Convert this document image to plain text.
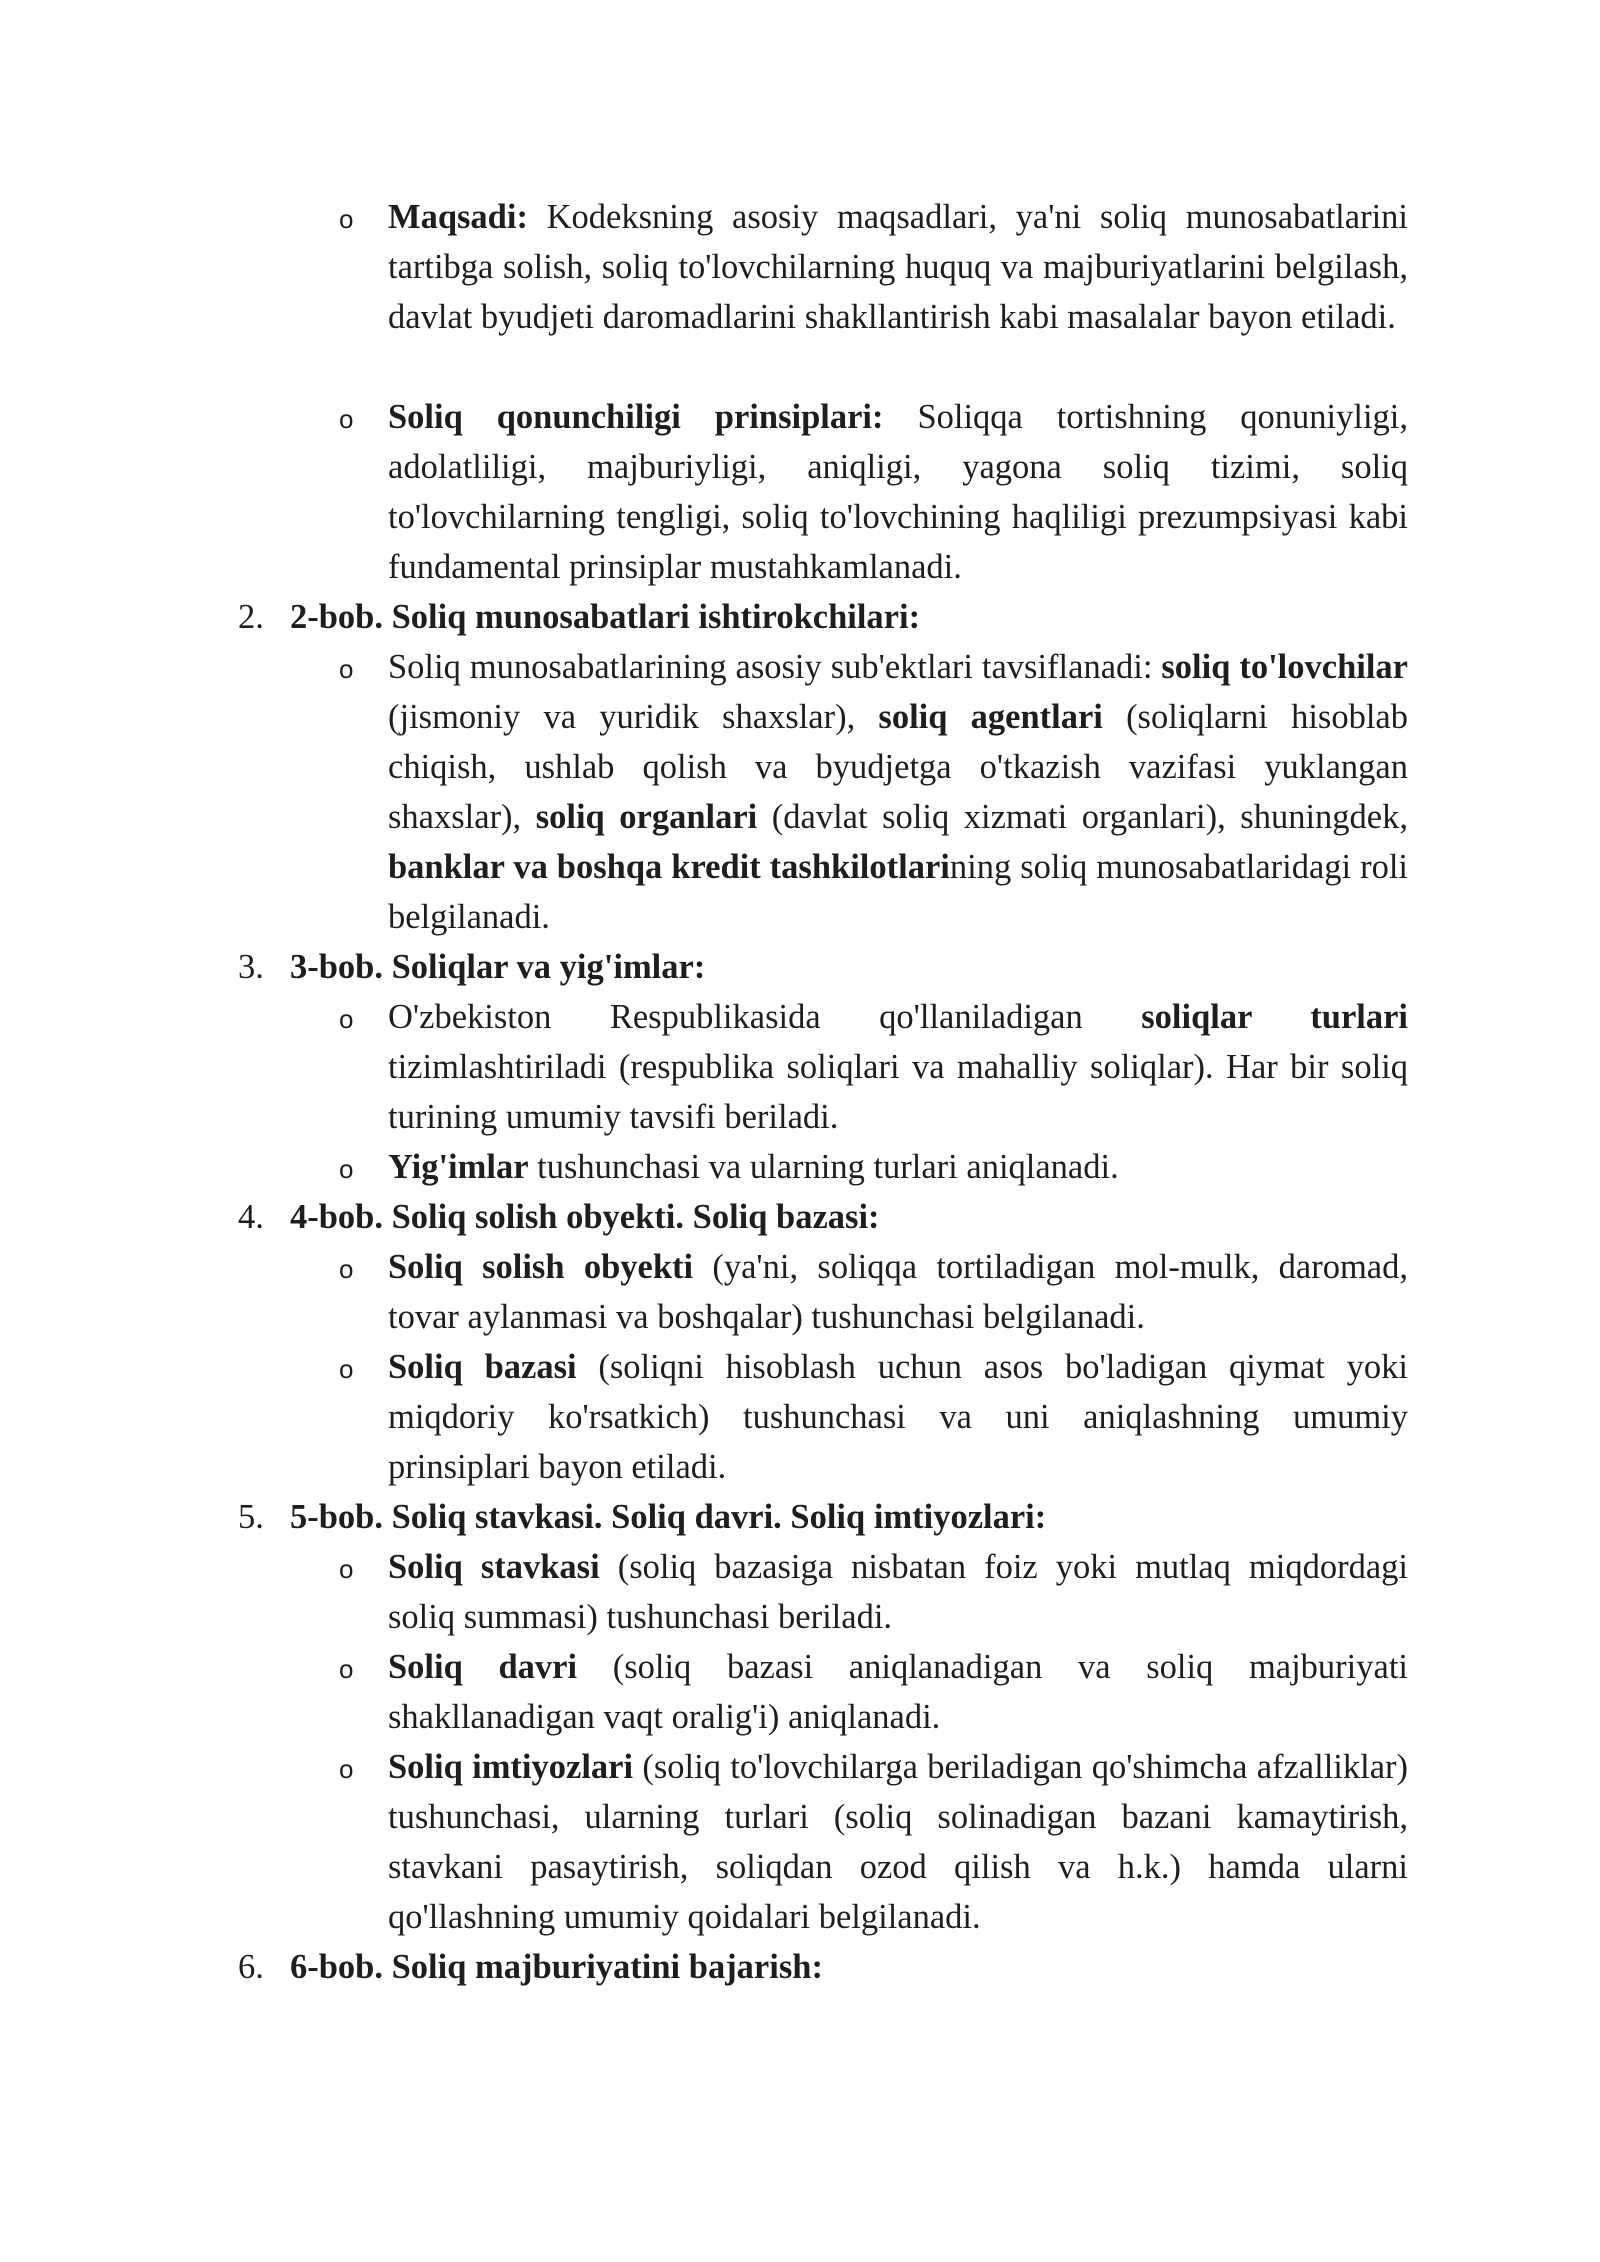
o Maqsadi: Kodeksning asosiy maqsadlari, ya'ni soliq munosabatlarini tartibga solish, soliq to'lovchilarning huquq va majburiyatlarini belgilash, davlat byudjeti daromadlarini shakllantirish kabi masalalar bayon etiladi.

o Soliq qonunchiligi prinsiplari: Soliqqa tortishning qonuniyligi, adolatliligi, majburiyligi, aniqligi, yagona soliq tizimi, soliq to'lovchilarning tengligi, soliq to'lovchining haqliligi prezumpsiyasi kabi fundamental prinsiplar mustahkamlanadi.

2. 2-bob. Soliq munosabatlari ishtirokchilari:

o Soliq munosabatlarining asosiy sub'ektlari tavsiflanadi: soliq to'lovchilar (jismoniy va yuridik shaxslar), soliq agentlari (soliqlarni hisoblab chiqish, ushlab qolish va byudjetga o'tkazish vazifasi yuklangan shaxslar), soliq organlari (davlat soliq xizmati organlari), shuningdek, banklar va boshqa kredit tashkilotlarining soliq munosabatlaridagi roli belgilanadi.

3. 3-bob. Soliqlar va yig'imlar:

o O'zbekiston Respublikasida qo'llaniladigan soliqlar turlari tizimlashtiriladi (respublika soliqlari va mahalliy soliqlar). Har bir soliq turining umumiy tavsifi beriladi.

o Yig'imlar tushunchasi va ularning turlari aniqlanadi.

4. 4-bob. Soliq solish obyekti. Soliq bazasi:

o Soliq solish obyekti (ya'ni, soliqqa tortiladigan mol-mulk, daromad, tovar aylanmasi va boshqalar) tushunchasi belgilanadi.

o Soliq bazasi (soliqni hisoblash uchun asos bo'ladigan qiymat yoki miqdoriy ko'rsatkich) tushunchasi va uni aniqlashning umumiy prinsiplari bayon etiladi.

5. 5-bob. Soliq stavkasi. Soliq davri. Soliq imtiyozlari:

o Soliq stavkasi (soliq bazasiga nisbatan foiz yoki mutlaq miqdordagi soliq summasi) tushunchasi beriladi.

o Soliq davri (soliq bazasi aniqlanadigan va soliq majburiyati shakllanadigan vaqt oralig'i) aniqlanadi.

o Soliq imtiyozlari (soliq to'lovchilarga beriladigan qo'shimcha afzalliklar) tushunchasi, ularning turlari (soliq solinadigan bazani kamaytirish, stavkani pasaytirish, soliqdan ozod qilish va h.k.) hamda ularni qo'llashning umumiy qoidalari belgilanadi.

6. 6-bob. Soliq majburiyatini bajarish:
